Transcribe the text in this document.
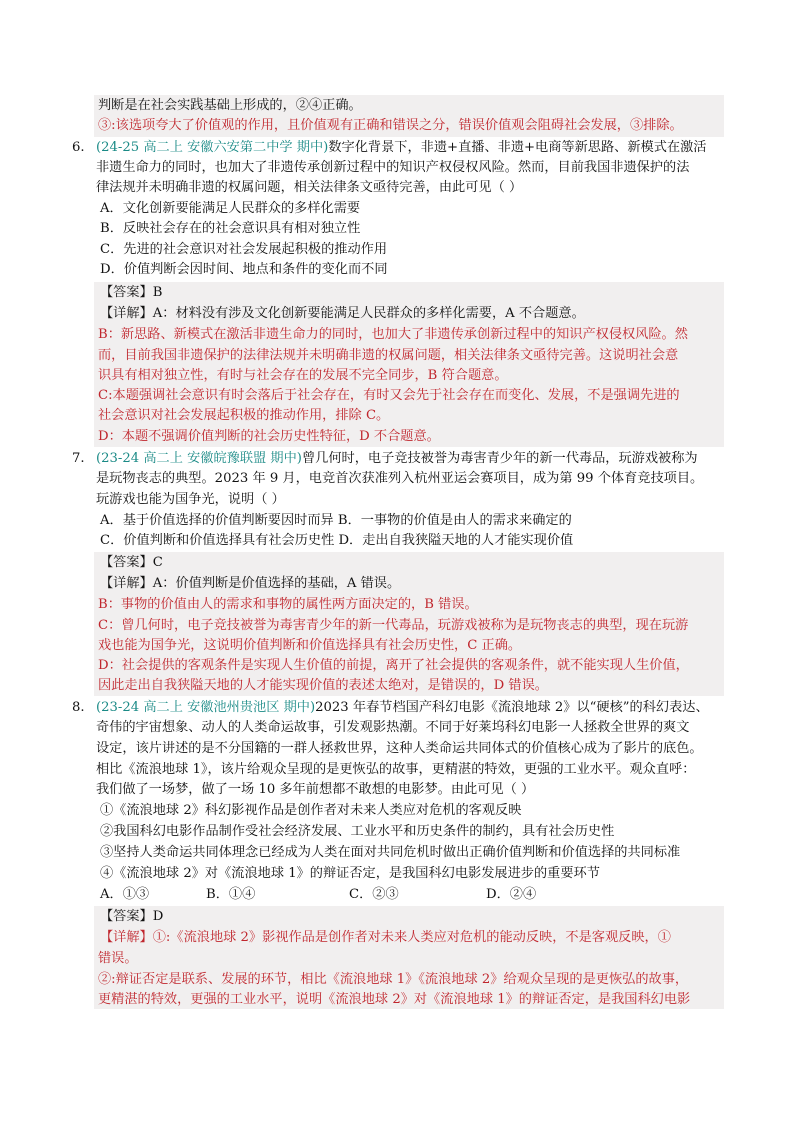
判断是在社会实践基础上形成的，②④正确。
③:该选项夸大了价值观的作用，且价值观有正确和错误之分，错误价值观会阻碍社会发展，③排除。
6. (24-25 高二上 安徽六安第二中学 期中)数字化背景下，非遗+直播、非遗+电商等新思路、新模式在激活
非遗生命力的同时，也加大了非遗传承创新过程中的知识产权侵权风险。然而，目前我国非遗保护的法
律法规并未明确非遗的权属问题，相关法律条文亟待完善，由此可见（ ）
A．文化创新要能满足人民群众的多样化需要
B．反映社会存在的社会意识具有相对独立性
C．先进的社会意识对社会发展起积极的推动作用
D．价值判断会因时间、地点和条件的变化而不同
【答案】B
【详解】A：材料没有涉及文化创新要能满足人民群众的多样化需要，A 不合题意。
B：新思路、新模式在激活非遗生命力的同时，也加大了非遗传承创新过程中的知识产权侵权风险。然
而，目前我国非遗保护的法律法规并未明确非遗的权属问题，相关法律条文亟待完善。这说明社会意
识具有相对独立性，有时与社会存在的发展不完全同步，B 符合题意。
C:本题强调社会意识有时会落后于社会存在，有时又会先于社会存在而变化、发展，不是强调先进的
社会意识对社会发展起积极的推动作用，排除 C。
D：本题不强调价值判断的社会历史性特征，D 不合题意。
7. (23-24 高二上 安徽皖豫联盟 期中)曾几何时，电子竞技被誉为毒害青少年的新一代毒品，玩游戏被称为
是玩物丧志的典型。2023 年 9 月，电竞首次获准列入杭州亚运会赛项目，成为第 99 个体育竞技项目。
玩游戏也能为国争光，说明（ ）
A．基于价值选择的价值判断要因时而异 B．一事物的价值是由人的需求来确定的
C．价值判断和价值选择具有社会历史性 D．走出自我狭隘天地的人才能实现价值
【答案】C
【详解】A：价值判断是价值选择的基础，A 错误。
B：事物的价值由人的需求和事物的属性两方面决定的，B 错误。
C：曾几何时，电子竞技被誉为毒害青少年的新一代毒品，玩游戏被称为是玩物丧志的典型，现在玩游
戏也能为国争光，这说明价值判断和价值选择具有社会历史性，C 正确。
D：社会提供的客观条件是实现人生价值的前提，离开了社会提供的客观条件，就不能实现人生价值，
因此走出自我狭隘天地的人才能实现价值的表述太绝对，是错误的，D 错误。
8. (23-24 高二上 安徽池州贵池区 期中)2023 年春节档国产科幻电影《流浪地球 2》以“硬核”的科幻表达、
奇伟的宇宙想象、动人的人类命运故事，引发观影热潮。不同于好莱坞科幻电影一人拯救全世界的爽文
设定，该片讲述的是不分国籍的一群人拯救世界，这种人类命运共同体式的价值核心成为了影片的底色。
相比《流浪地球 1》，该片给观众呈现的是更恢弘的故事，更精湛的特效，更强的工业水平。观众直呼：
我们做了一场梦，做了一场 10 多年前想都不敢想的电影梦。由此可见（ ）
①《流浪地球 2》科幻影视作品是创作者对未来人类应对危机的客观反映
②我国科幻电影作品制作受社会经济发展、工业水平和历史条件的制约，具有社会历史性
③坚持人类命运共同体理念已经成为人类在面对共同危机时做出正确价值判断和价值选择的共同标准
④《流浪地球 2》对《流浪地球 1》的辩证否定，是我国科幻电影发展进步的重要环节
A．①③	B．①④	C．②③	D．②④
【答案】D
【详解】①:《流浪地球 2》影视作品是创作者对未来人类应对危机的能动反映，不是客观反映，①
错误。
②:辩证否定是联系、发展的环节，相比《流浪地球 1》《流浪地球 2》给观众呈现的是更恢弘的故事，
更精湛的特效，更强的工业水平，说明《流浪地球 2》对《流浪地球 1》的辩证否定，是我国科幻电影
